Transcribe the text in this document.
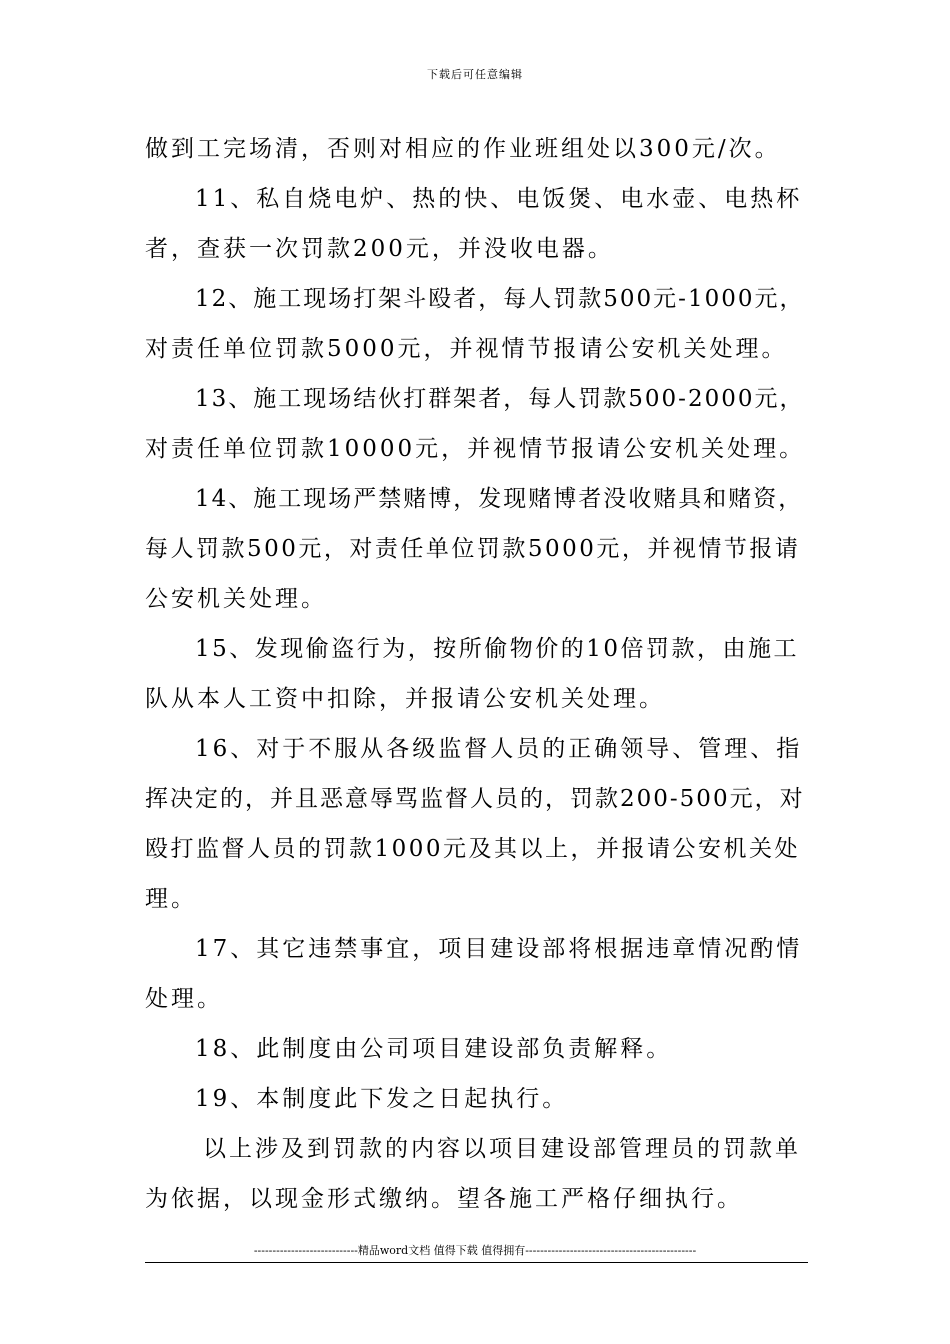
下载后可任意编辑
做到工完场清，否则对相应的作业班组处以300元/次。
11、私自烧电炉、热的快、电饭煲、电水壶、电热杯
者，查获一次罚款200元，并没收电器。
12、施工现场打架斗殴者，每人罚款500元-1000元，
对责任单位罚款5000元，并视情节报请公安机关处理。
13、施工现场结伙打群架者，每人罚款500-2000元，
对责任单位罚款10000元，并视情节报请公安机关处理。
14、施工现场严禁赌博，发现赌博者没收赌具和赌资，
每人罚款500元，对责任单位罚款5000元，并视情节报请
公安机关处理。
15、发现偷盗行为，按所偷物价的10倍罚款，由施工
队从本人工资中扣除，并报请公安机关处理。
16、对于不服从各级监督人员的正确领导、管理、指
挥决定的，并且恶意辱骂监督人员的，罚款200-500元，对
殴打监督人员的罚款1000元及其以上，并报请公安机关处
理。
17、其它违禁事宜，项目建设部将根据违章情况酌情
处理。
18、此制度由公司项目建设部负责解释。
19、本制度此下发之日起执行。
以上涉及到罚款的内容以项目建设部管理员的罚款单
为依据，以现金形式缴纳。望各施工严格仔细执行。
----------------------------精品word文档 值得下载 值得拥有----------------------------------------------
